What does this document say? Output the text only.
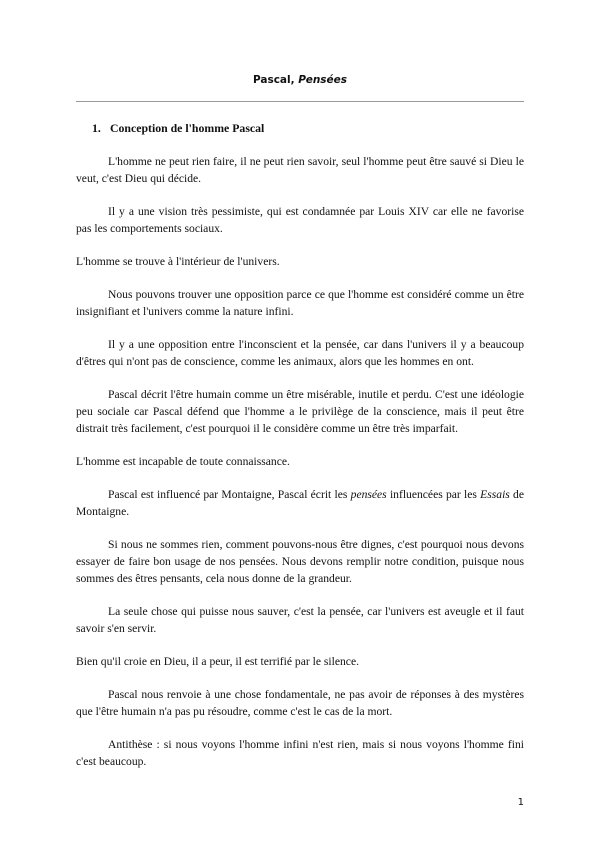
Pascal, Pensées
1. Conception de l'homme Pascal

L'homme ne peut rien faire, il ne peut rien savoir, seul l'homme peut être sauvé si Dieu le veut, c'est Dieu qui décide.

Il y a une vision très pessimiste, qui est condamnée par Louis XIV car elle ne favorise pas les comportements sociaux.

L'homme se trouve à l'intérieur de l'univers.

Nous pouvons trouver une opposition parce ce que l'homme est considéré comme un être insignifiant et l'univers comme la nature infini.

Il y a une opposition entre l'inconscient et la pensée, car dans l'univers il y a beaucoup d'êtres qui n'ont pas de conscience, comme les animaux, alors que les hommes en ont.

Pascal décrit l'être humain comme un être misérable, inutile et perdu. C'est une idéologie peu sociale car Pascal défend que l'homme a le privilège de la conscience, mais il peut être distrait très facilement, c'est pourquoi il le considère comme un être très imparfait.

L'homme est incapable de toute connaissance.

Pascal est influencé par Montaigne, Pascal écrit les pensées influencées par les Essais de Montaigne.

Si nous ne sommes rien, comment pouvons-nous être dignes, c'est pourquoi nous devons essayer de faire bon usage de nos pensées. Nous devons remplir notre condition, puisque nous sommes des êtres pensants, cela nous donne de la grandeur.

La seule chose qui puisse nous sauver, c'est la pensée, car l'univers est aveugle et il faut savoir s'en servir.

Bien qu'il croie en Dieu, il a peur, il est terrifié par le silence.

Pascal nous renvoie à une chose fondamentale, ne pas avoir de réponses à des mystères que l'être humain n'a pas pu résoudre, comme c'est le cas de la mort.

Antithèse : si nous voyons l'homme infini n'est rien, mais si nous voyons l'homme fini c'est beaucoup.

1
